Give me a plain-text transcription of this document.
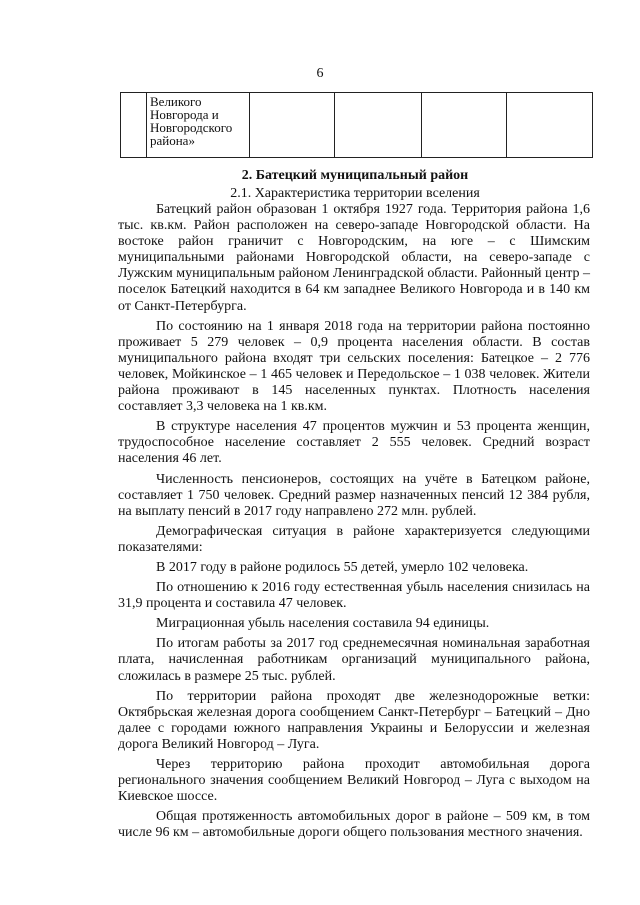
6
	Великого Новгорода и Новгородского района»				
2. Батецкий муниципальный район
2.1. Характеристика территории вселения

Батецкий район образован 1 октября 1927 года. Территория района 1,6 тыс. кв.км. Район расположен на северо-западе Новгородской области. На востоке район граничит с Новгородским, на юге – с Шимским муниципальными районами Новгородской области, на северо-западе с Лужским муниципальным районом Ленинградской области. Районный центр – поселок Батецкий находится в 64 км западнее Великого Новгорода и в 140 км от Санкт-Петербурга.

По состоянию на 1 января 2018 года на территории района постоянно проживает 5 279 человек – 0,9 процента населения области. В состав муниципального района входят три сельских поселения: Батецкое – 2 776 человек, Мойкинское – 1 465 человек и Передольское – 1 038 человек. Жители района проживают в 145 населенных пунктах. Плотность населения составляет 3,3 человека на 1 кв.км.

В структуре населения 47 процентов мужчин и 53 процента женщин, трудоспособное население составляет 2 555 человек. Средний возраст населения 46 лет.

Численность пенсионеров, состоящих на учёте в Батецком районе, составляет 1 750 человек. Средний размер назначенных пенсий 12 384 рубля, на выплату пенсий в 2017 году направлено 272 млн. рублей.

Демографическая ситуация в районе характеризуется следующими показателями:

В 2017 году в районе родилось 55 детей, умерло 102 человека.

По отношению к 2016 году естественная убыль населения снизилась на 31,9 процента и составила 47 человек.

Миграционная убыль населения составила 94 единицы.

По итогам работы за 2017 год среднемесячная номинальная заработная плата, начисленная работникам организаций муниципального района, сложилась в размере 25 тыс. рублей.

По территории района проходят две железнодорожные ветки: Октябрьская железная дорога сообщением Санкт-Петербург – Батецкий – Дно далее с городами южного направления Украины и Белоруссии и железная дорога Великий Новгород – Луга.

Через территорию района проходит автомобильная дорога регионального значения сообщением Великий Новгород – Луга с выходом на Киевское шоссе.

Общая протяженность автомобильных дорог в районе – 509 км, в том числе 96 км – автомобильные дороги общего пользования местного значения.
